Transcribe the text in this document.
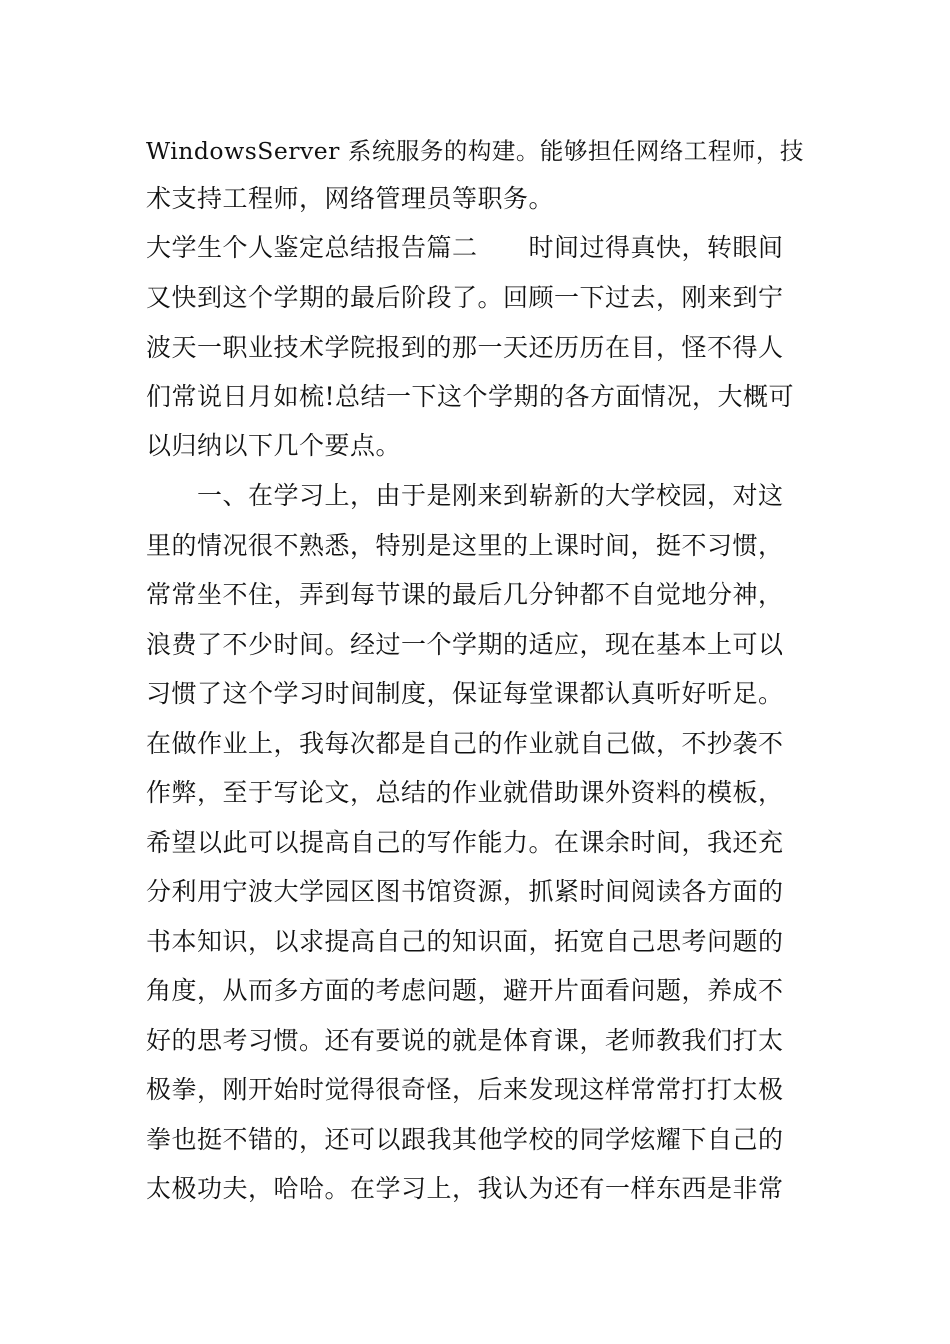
WindowsServer 系统服务的构建。能够担任网络工程师，技
术支持工程师，网络管理员等职务。
大学生个人鉴定总结报告篇二　　时间过得真快，转眼间
又快到这个学期的最后阶段了。回顾一下过去，刚来到宁
波天一职业技术学院报到的那一天还历历在目，怪不得人
们常说日月如梳!总结一下这个学期的各方面情况，大概可
以归纳以下几个要点。
　　一、在学习上，由于是刚来到崭新的大学校园，对这
里的情况很不熟悉，特别是这里的上课时间，挺不习惯，
常常坐不住，弄到每节课的最后几分钟都不自觉地分神，
浪费了不少时间。经过一个学期的适应，现在基本上可以
习惯了这个学习时间制度，保证每堂课都认真听好听足。
在做作业上，我每次都是自己的作业就自己做，不抄袭不
作弊，至于写论文，总结的作业就借助课外资料的模板，
希望以此可以提高自己的写作能力。在课余时间，我还充
分利用宁波大学园区图书馆资源，抓紧时间阅读各方面的
书本知识，以求提高自己的知识面，拓宽自己思考问题的
角度，从而多方面的考虑问题，避开片面看问题，养成不
好的思考习惯。还有要说的就是体育课，老师教我们打太
极拳，刚开始时觉得很奇怪，后来发现这样常常打打太极
拳也挺不错的，还可以跟我其他学校的同学炫耀下自己的
太极功夫，哈哈。在学习上，我认为还有一样东西是非常
